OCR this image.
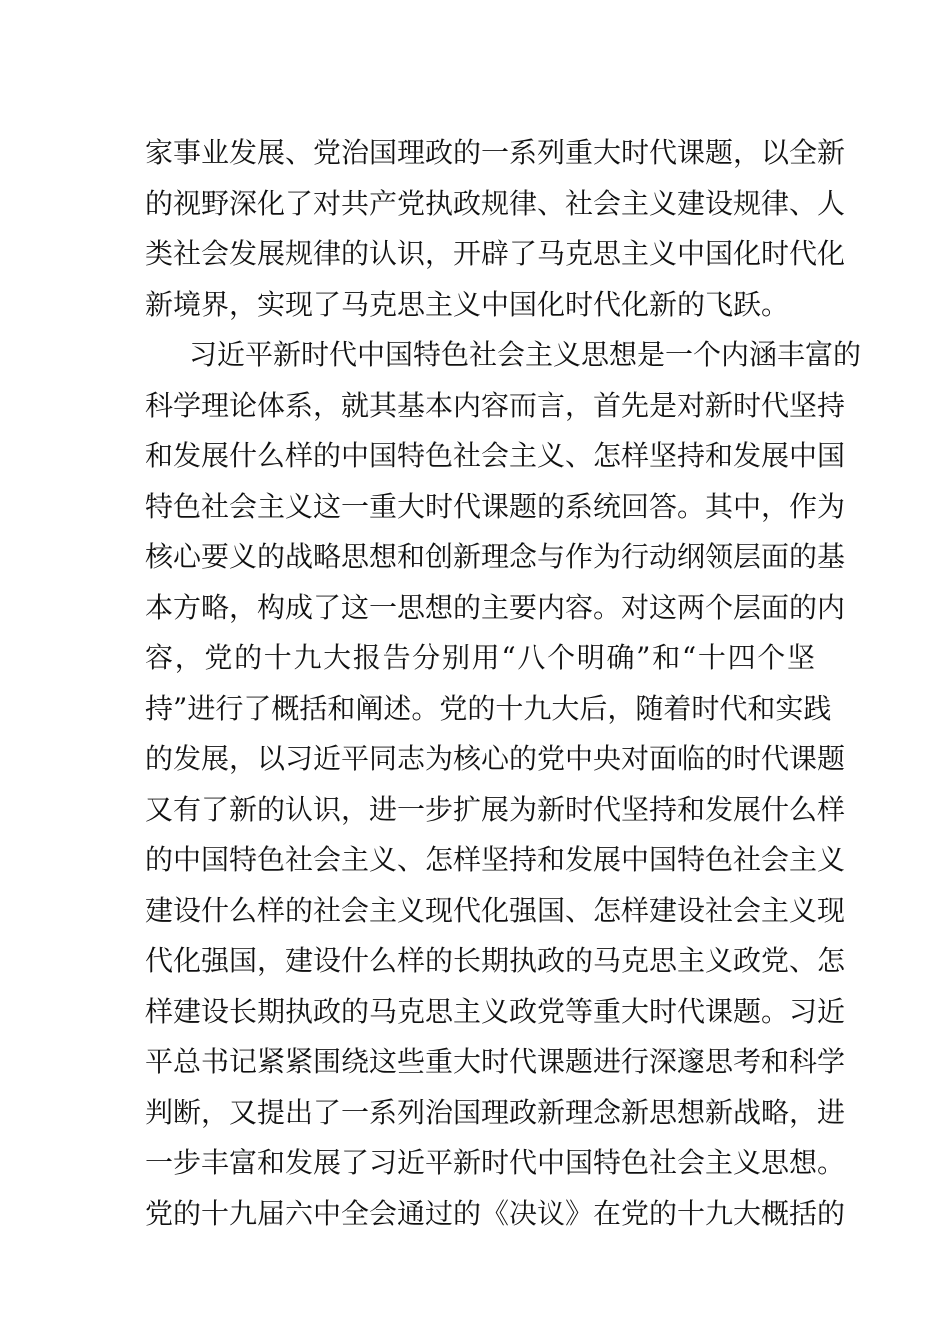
家事业发展、党治国理政的一系列重大时代课题，以全新
的视野深化了对共产党执政规律、社会主义建设规律、人
类社会发展规律的认识，开辟了马克思主义中国化时代化
新境界，实现了马克思主义中国化时代化新的飞跃。
习近平新时代中国特色社会主义思想是一个内涵丰富的
科学理论体系，就其基本内容而言，首先是对新时代坚持
和发展什么样的中国特色社会主义、怎样坚持和发展中国
特色社会主义这一重大时代课题的系统回答。其中，作为
核心要义的战略思想和创新理念与作为行动纲领层面的基
本方略，构成了这一思想的主要内容。对这两个层面的内
容，党的十九大报告分别用“八个明确”和“十四个坚
持”进行了概括和阐述。党的十九大后，随着时代和实践
的发展，以习近平同志为核心的党中央对面临的时代课题
又有了新的认识，进一步扩展为新时代坚持和发展什么样
的中国特色社会主义、怎样坚持和发展中国特色社会主义
建设什么样的社会主义现代化强国、怎样建设社会主义现
代化强国，建设什么样的长期执政的马克思主义政党、怎
样建设长期执政的马克思主义政党等重大时代课题。习近
平总书记紧紧围绕这些重大时代课题进行深邃思考和科学
判断，又提出了一系列治国理政新理念新思想新战略，进
一步丰富和发展了习近平新时代中国特色社会主义思想。
党的十九届六中全会通过的《决议》在党的十九大概括的
